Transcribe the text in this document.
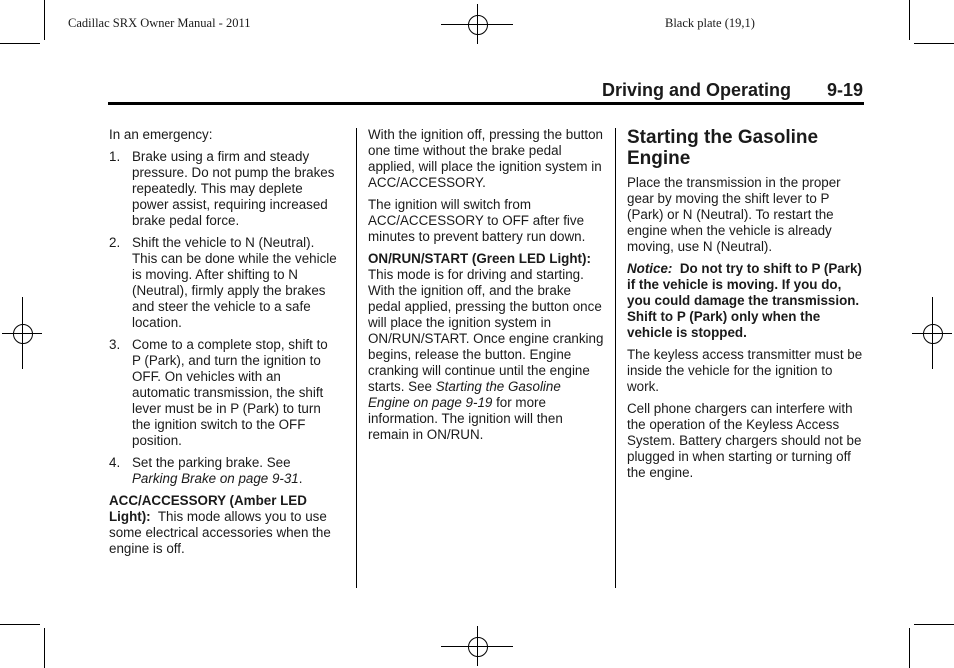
Cadillac SRX Owner Manual - 2011	Black plate (19,1)
Driving and Operating 9-19

In an emergency:

1. Brake using a firm and steady pressure. Do not pump the brakes repeatedly. This may deplete power assist, requiring increased brake pedal force.
2. Shift the vehicle to N (Neutral). This can be done while the vehicle is moving. After shifting to N (Neutral), firmly apply the brakes and steer the vehicle to a safe location.
3. Come to a complete stop, shift to P (Park), and turn the ignition to OFF. On vehicles with an automatic transmission, the shift lever must be in P (Park) to turn the ignition switch to the OFF position.
4. Set the parking brake. See Parking Brake on page 9-31.

ACC/ACCESSORY (Amber LED Light): This mode allows you to use some electrical accessories when the engine is off.

With the ignition off, pressing the button one time without the brake pedal applied, will place the ignition system in ACC/ACCESSORY.

The ignition will switch from ACC/ACCESSORY to OFF after five minutes to prevent battery run down.

ON/RUN/START (Green LED Light):  This mode is for driving and starting. With the ignition off, and the brake pedal applied, pressing the button once will place the ignition system in ON/RUN/START. Once engine cranking begins, release the button. Engine cranking will continue until the engine starts. See Starting the Gasoline Engine on page 9-19 for more information. The ignition will then remain in ON/RUN.

Starting the Gasoline Engine

Place the transmission in the proper gear by moving the shift lever to P (Park) or N (Neutral). To restart the engine when the vehicle is already moving, use N (Neutral).

Notice: Do not try to shift to P (Park) if the vehicle is moving. If you do, you could damage the transmission. Shift to P (Park) only when the vehicle is stopped.

The keyless access transmitter must be inside the vehicle for the ignition to work.

Cell phone chargers can interfere with the operation of the Keyless Access System. Battery chargers should not be plugged in when starting or turning off the engine.
